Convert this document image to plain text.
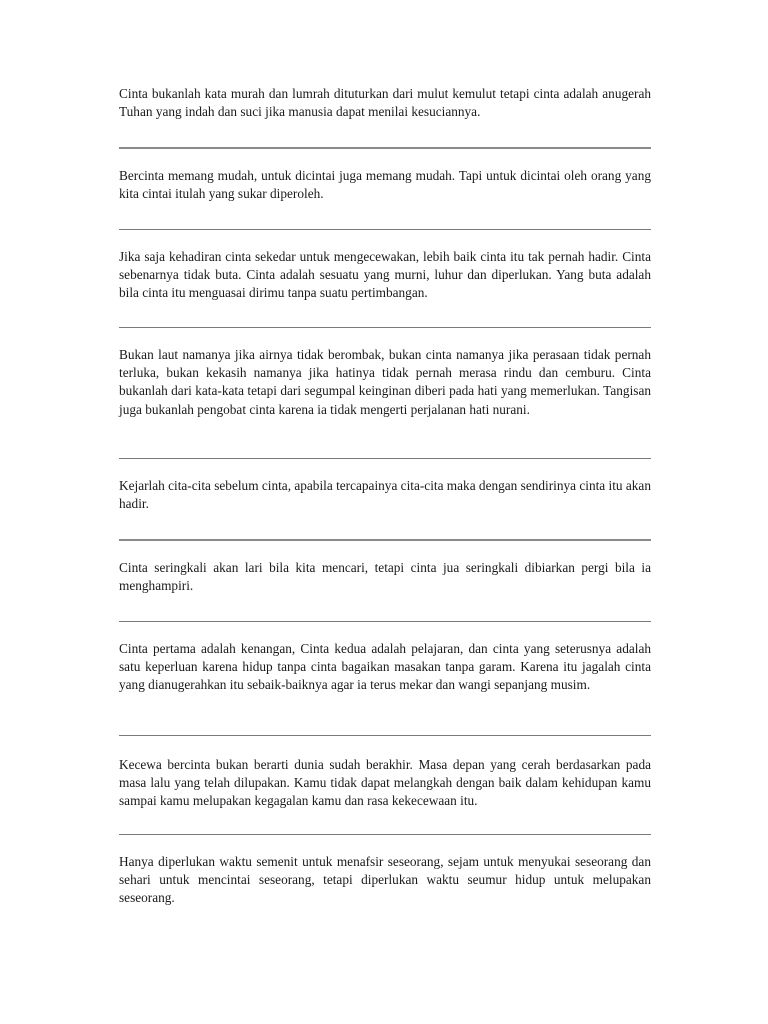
Cinta bukanlah kata murah dan lumrah dituturkan dari mulut kemulut tetapi cinta adalah anugerah Tuhan yang indah dan suci jika manusia dapat menilai kesuciannya.

Bercinta memang mudah, untuk dicintai juga memang mudah. Tapi untuk dicintai oleh orang yang kita cintai itulah yang sukar diperoleh.

Jika saja kehadiran cinta sekedar untuk mengecewakan, lebih baik cinta itu tak pernah hadir. Cinta sebenarnya tidak buta. Cinta adalah sesuatu yang murni, luhur dan diperlukan. Yang buta adalah bila cinta itu menguasai dirimu tanpa suatu pertimbangan.

Bukan laut namanya jika airnya tidak berombak, bukan cinta namanya jika perasaan tidak pernah terluka, bukan kekasih namanya jika hatinya tidak pernah merasa rindu dan cemburu. Cinta bukanlah dari kata-kata tetapi dari segumpal keinginan diberi pada hati yang memerlukan. Tangisan juga bukanlah pengobat cinta karena ia tidak mengerti perjalanan hati nurani.

Kejarlah cita-cita sebelum cinta, apabila tercapainya cita-cita maka dengan sendirinya cinta itu akan hadir.

Cinta seringkali akan lari bila kita mencari, tetapi cinta jua seringkali dibiarkan pergi bila ia menghampiri.

Cinta pertama adalah kenangan, Cinta kedua adalah pelajaran, dan cinta yang seterusnya adalah satu keperluan karena hidup tanpa cinta bagaikan masakan tanpa garam. Karena itu jagalah cinta yang dianugerahkan itu sebaik-baiknya agar ia terus mekar dan wangi sepanjang musim.

Kecewa bercinta bukan berarti dunia sudah berakhir. Masa depan yang cerah berdasarkan pada masa lalu yang telah dilupakan. Kamu tidak dapat melangkah dengan baik dalam kehidupan kamu sampai kamu melupakan kegagalan kamu dan rasa kekecewaan itu.

Hanya diperlukan waktu semenit untuk menafsir seseorang, sejam untuk menyukai seseorang dan sehari untuk mencintai seseorang, tetapi diperlukan waktu seumur hidup untuk melupakan seseorang.
